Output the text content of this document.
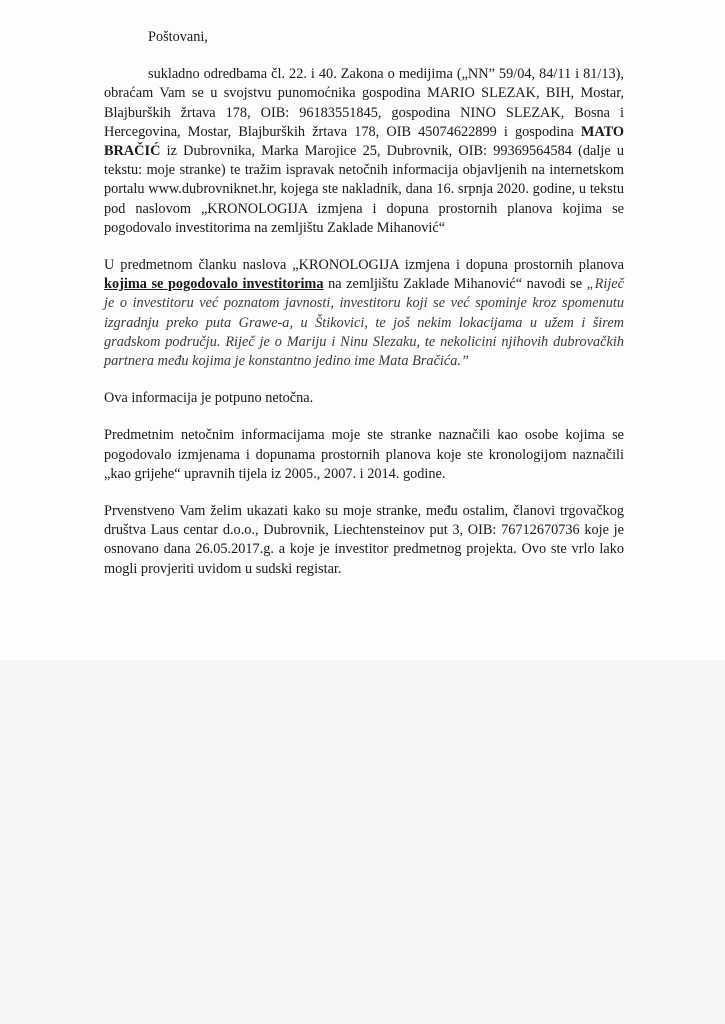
Poštovani,

sukladno odredbama čl. 22. i 40. Zakona o medijima („NN” 59/04, 84/11 i 81/13), obraćam Vam se u svojstvu punomoćnika gospodina MARIO SLEZAK, BIH, Mostar, Blajburških žrtava 178, OIB: 96183551845, gospodina NINO SLEZAK, Bosna i Hercegovina, Mostar, Blajburških žrtava 178, OIB 45074622899 i gospodina MATO BRAČIĆ iz Dubrovnika, Marka Marojice 25, Dubrovnik, OIB: 99369564584 (dalje u tekstu: moje stranke) te tražim ispravak netočnih informacija objavljenih na internetskom portalu www.dubrovniknet.hr, kojega ste nakladnik, dana 16. srpnja 2020. godine, u tekstu pod naslovom „KRONOLOGIJA izmjena i dopuna prostornih planova kojima se pogodovalo investitorima na zemljištu Zaklade Mihanović“

U predmetnom članku naslova „KRONOLOGIJA izmjena i dopuna prostornih planova kojima se pogodovalo investitorima na zemljištu Zaklade Mihanović“ navodi se „Riječ je o investitoru već poznatom javnosti, investitoru koji se već spominje kroz spomenutu izgradnju preko puta Grawe-a, u Štikovici, te još nekim lokacijama u užem i širem gradskom području. Riječ je o Mariju i Ninu Slezaku, te nekolicini njihovih dubrovačkih partnera među kojima je konstantno jedino ime Mata Bračića.”

Ova informacija je potpuno netočna.

Predmetnim netočnim informacijama moje ste stranke naznačili kao osobe kojima se pogodovalo izmjenama i dopunama prostornih planova koje ste kronologijom naznačili „kao grijehe“ upravnih tijela iz 2005., 2007. i 2014. godine.

Prvenstveno Vam želim ukazati kako su moje stranke, među ostalim, članovi trgovačkog društva Laus centar d.o.o., Dubrovnik, Liechtensteinov put 3, OIB: 76712670736 koje je osnovano dana 26.05.2017.g. a koje je investitor predmetnog projekta. Ovo ste vrlo lako mogli provjeriti uvidom u sudski registar.
